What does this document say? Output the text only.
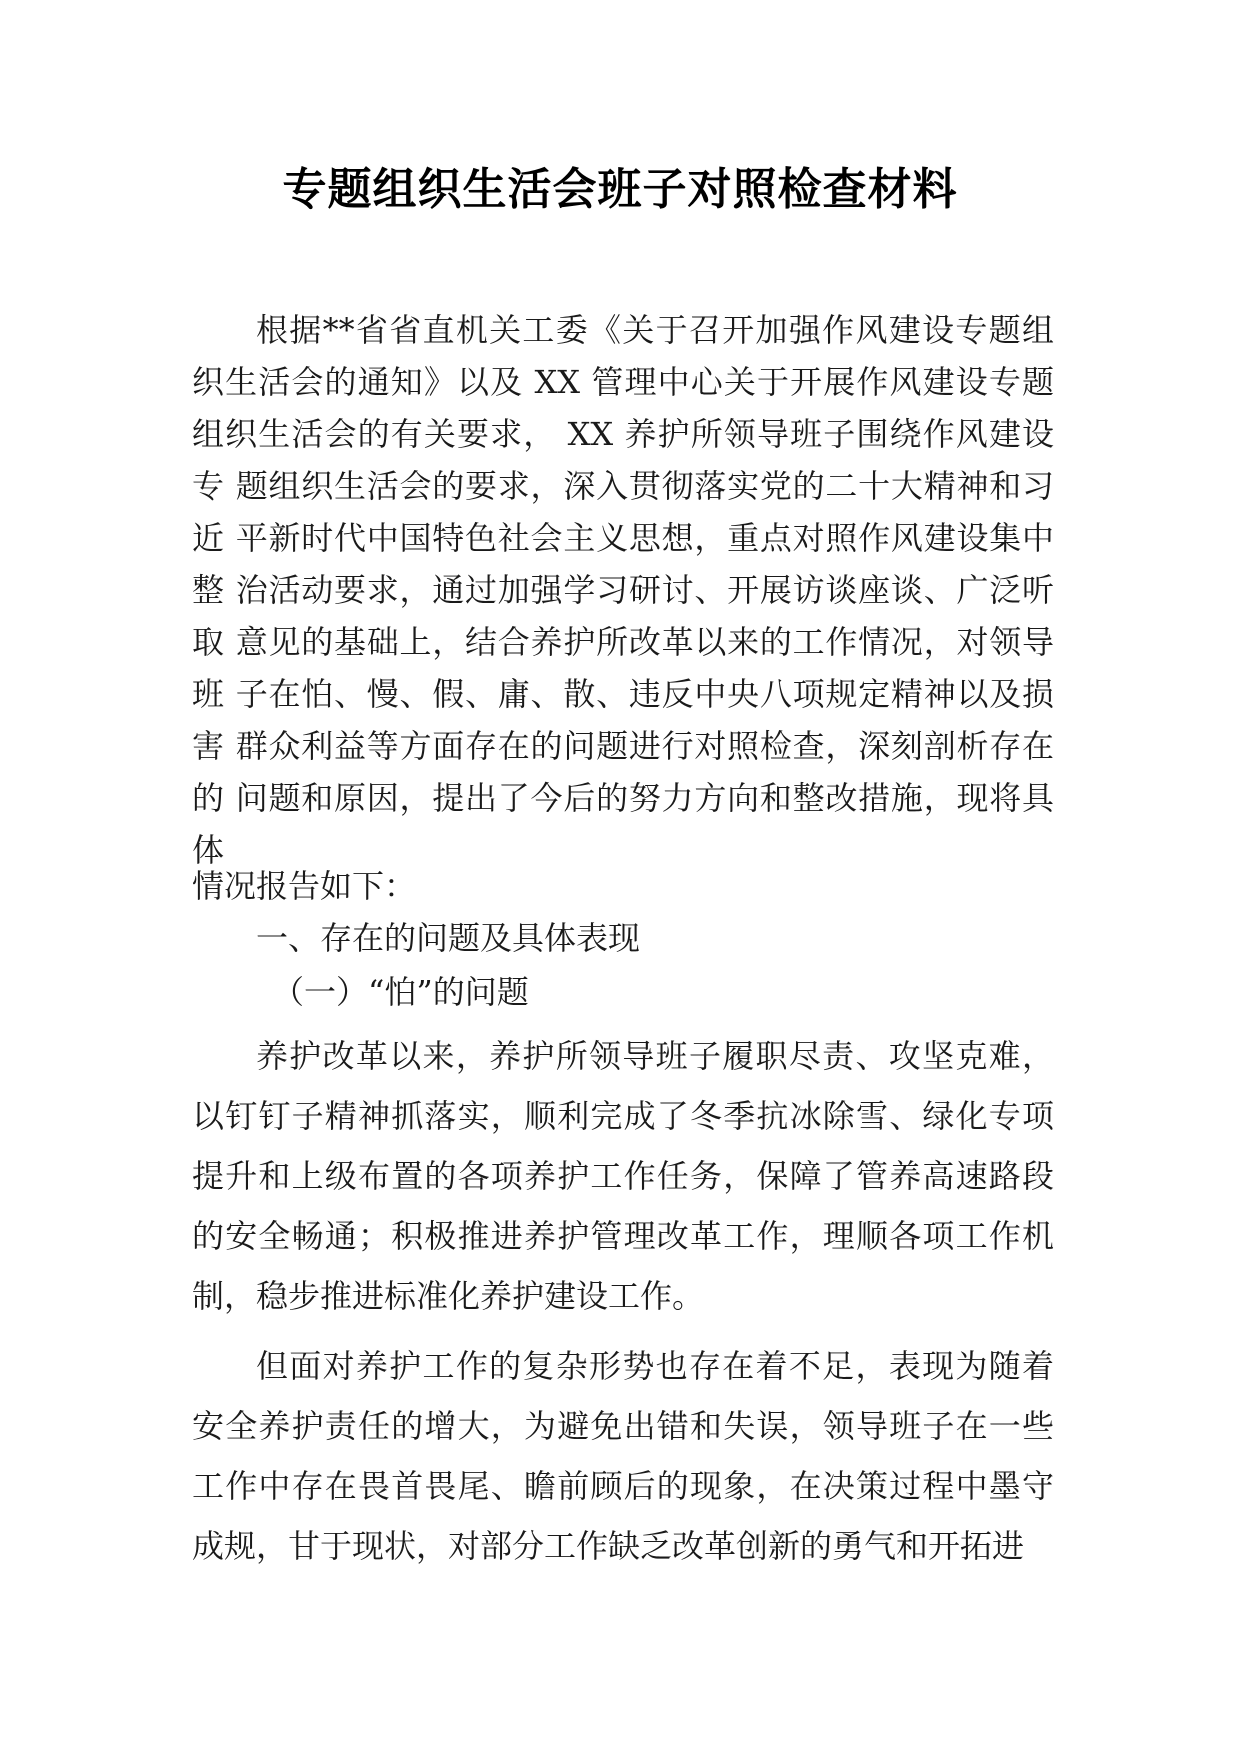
专题组织生活会班子对照检查材料

根据**省省直机关工委《关于召开加强作风建设专题组织生活会的通知》以及 XX 管理中心关于开展作风建设专题组织生活会的有关要求， XX 养护所领导班子围绕作风建设专 题组织生活会的要求，深入贯彻落实党的二十大精神和习近 平新时代中国特色社会主义思想，重点对照作风建设集中整 治活动要求，通过加强学习研讨、开展访谈座谈、广泛听取 意见的基础上，结合养护所改革以来的工作情况，对领导班 子在怕、慢、假、庸、散、违反中央八项规定精神以及损害 群众利益等方面存在的问题进行对照检查，深刻剖析存在的 问题和原因，提出了今后的努力方向和整改措施，现将具体

情况报告如下：

一、存在的问题及具体表现

（一）“怕”的问题

养护改革以来，养护所领导班子履职尽责、攻坚克难，以钉钉子精神抓落实，顺利完成了冬季抗冰除雪、绿化专项提升和上级布置的各项养护工作任务，保障了管养高速路段的安全畅通；积极推进养护管理改革工作，理顺各项工作机制，稳步推进标准化养护建设工作。

但面对养护工作的复杂形势也存在着不足，表现为随着安全养护责任的增大，为避免出错和失误，领导班子在一些工作中存在畏首畏尾、瞻前顾后的现象，在决策过程中墨守成规，甘于现状，对部分工作缺乏改革创新的勇气和开拓进
